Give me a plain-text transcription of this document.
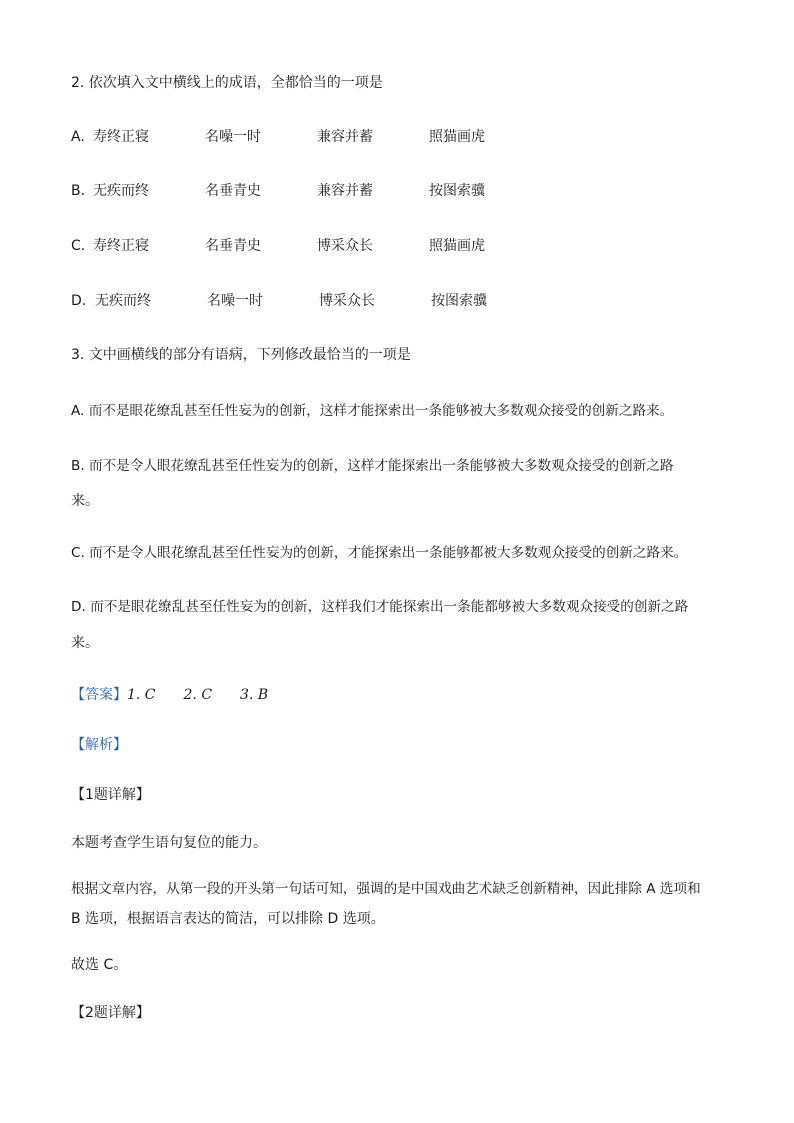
2. 依次填入文中横线上的成语，全都恰当的一项是
A. 寿终正寝	名噪一时	兼容并蓄	照猫画虎
B. 无疾而终	名垂青史	兼容并蓄	按图索骥
C. 寿终正寝	名垂青史	博采众长	照猫画虎
D. 无疾而终	名噪一时	博采众长	按图索骥
3. 文中画横线的部分有语病，下列修改最恰当的一项是
A. 而不是眼花缭乱甚至任性妄为的创新，这样才能探索出一条能够被大多数观众接受的创新之路来。
B. 而不是令人眼花缭乱甚至任性妄为的创新，这样才能探索出一条能够被大多数观众接受的创新之路
来。
C. 而不是令人眼花缭乱甚至任性妄为的创新，才能探索出一条能够都被大多数观众接受的创新之路来。
D. 而不是眼花缭乱甚至任性妄为的创新，这样我们才能探索出一条能都够被大多数观众接受的创新之路
来。
【答案】1. C　　2. C　　3. B
【解析】
【1题详解】
本题考查学生语句复位的能力。
根据文章内容，从第一段的开头第一句话可知，强调的是中国戏曲艺术缺乏创新精神，因此排除 A 选项和
B 选项，根据语言表达的简洁，可以排除 D 选项。
故选 C。
【2题详解】
